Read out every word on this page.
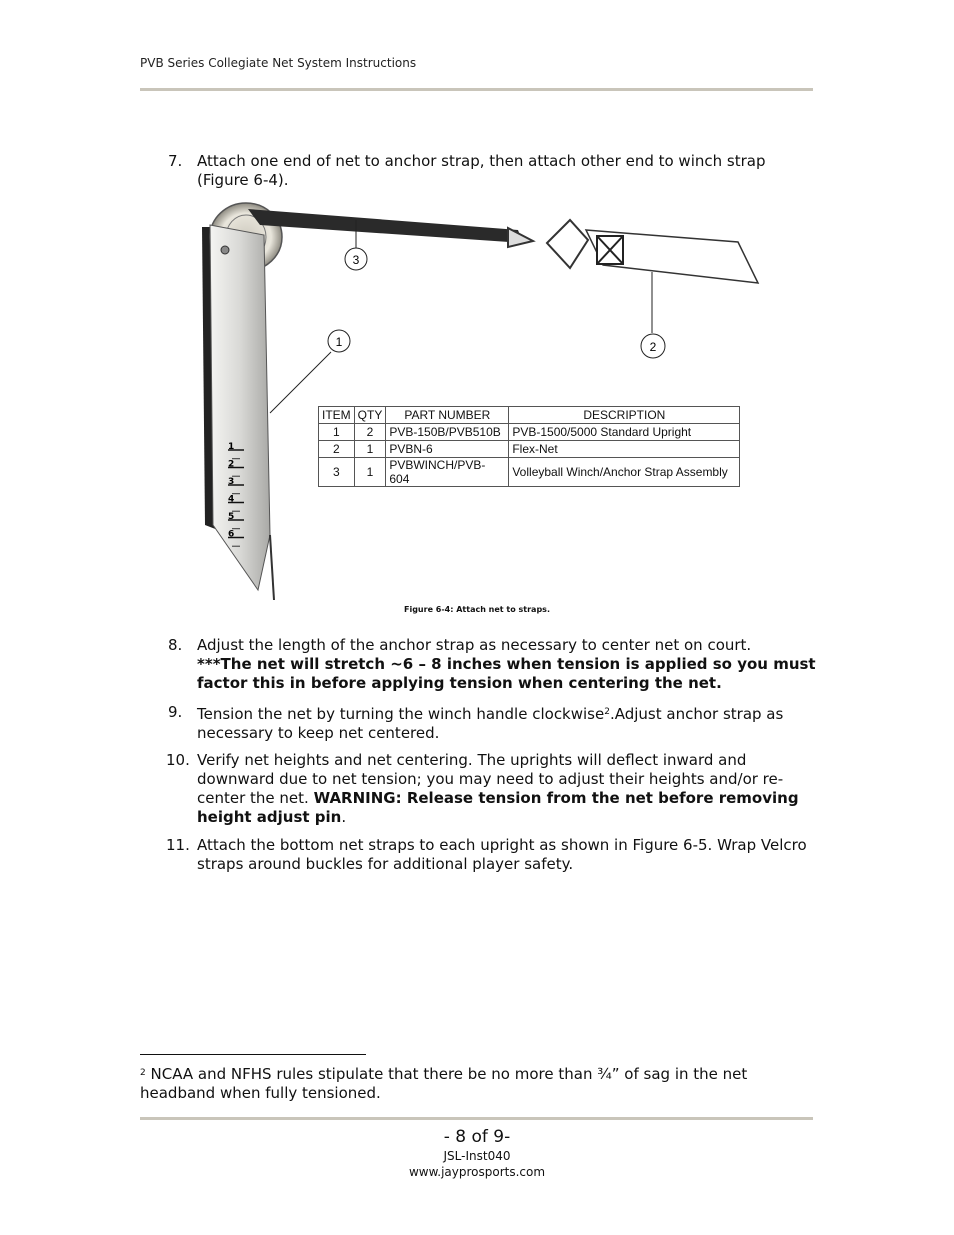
PVB Series Collegiate Net System Instructions
7. Attach one end of net to anchor strap, then attach other end to winch strap (Figure 6-4).
1
2
3
4
5
6
3
1	2
ITEM	QTY	PART NUMBER	DESCRIPTION
1	2	PVB-150B/PVB510B	PVB-1500/5000 Standard Upright
2	1	PVBN-6	Flex-Net
3	1	PVBWINCH/PVB-604	Volleyball Winch/Anchor Strap Assembly
Figure 6-4: Attach net to straps.
8. Adjust the length of the anchor strap as necessary to center net on court.
***The net will stretch ~6 – 8 inches when tension is applied so you must factor this in before applying tension when centering the net.
9. Tension the net by turning the winch handle clockwise$^2$.Adjust anchor strap as necessary to keep net centered.
10. Verify net heights and net centering. The uprights will deflect inward and downward due to net tension; you may need to adjust their heights and/or re-center the net. WARNING: Release tension from the net before removing height adjust pin.
11. Attach the bottom net straps to each upright as shown in Figure 6-5. Wrap Velcro straps around buckles for additional player safety.
$^2$ NCAA and NFHS rules stipulate that there be no more than ¾” of sag in the net headband when fully tensioned.
- 8 of 9-
JSL-Inst040
www.jayprosports.com
